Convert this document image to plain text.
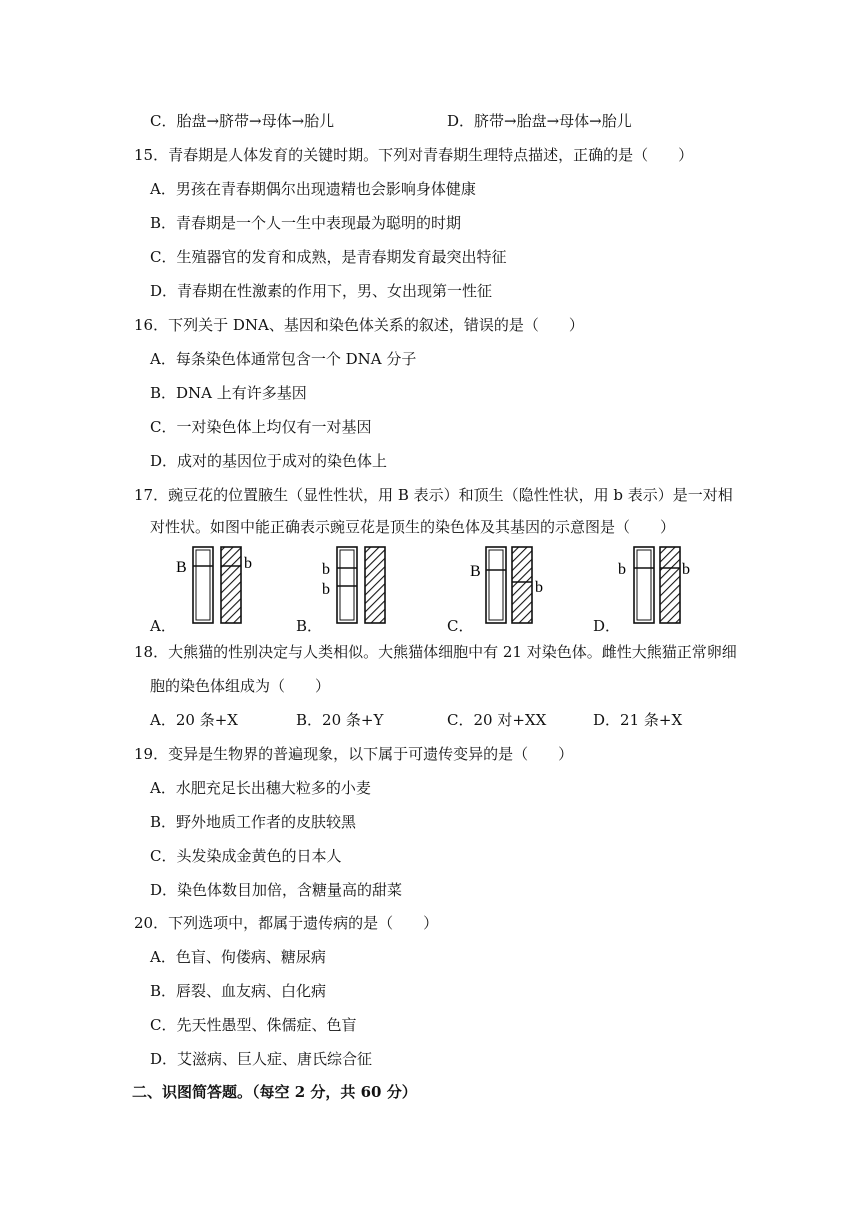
C．胎盘→脐带→母体→胎儿	D．脐带→胎盘→母体→胎儿
15．青春期是人体发育的关键时期。下列对青春期生理特点描述，正确的是（　　）
A．男孩在青春期偶尔出现遗精也会影响身体健康
B．青春期是一个人一生中表现最为聪明的时期
C．生殖器官的发育和成熟，是青春期发育最突出特征
D．青春期在性激素的作用下，男、女出现第一性征
16．下列关于 DNA、基因和染色体关系的叙述，错误的是（　　）
A．每条染色体通常包含一个 DNA 分子
B．DNA 上有许多基因
C．一对染色体上均仅有一对基因
D．成对的基因位于成对的染色体上
17．豌豆花的位置腋生（显性性状，用 B 表示）和顶生（隐性性状，用 b 表示）是一对相
对性状。如图中能正确表示豌豆花是顶生的染色体及其基因的示意图是（　　）
B	b
A．
b
b
B．
B
b
C．
b	b
D．
18．大熊猫的性别决定与人类相似。大熊猫体细胞中有 21 对染色体。雌性大熊猫正常卵细
胞的染色体组成为（　　）
A．20 条+X	B．20 条+Y	C．20 对+XX	D．21 条+X
19．变异是生物界的普遍现象，以下属于可遗传变异的是（　　）
A．水肥充足长出穗大粒多的小麦
B．野外地质工作者的皮肤较黑
C．头发染成金黄色的日本人
D．染色体数目加倍，含糖量高的甜菜
20．下列选项中，都属于遗传病的是（　　）
A．色盲、佝偻病、糖尿病
B．唇裂、血友病、白化病
C．先天性愚型、侏儒症、色盲
D．艾滋病、巨人症、唐氏综合征
二、识图简答题。（每空 2 分，共 60 分）
